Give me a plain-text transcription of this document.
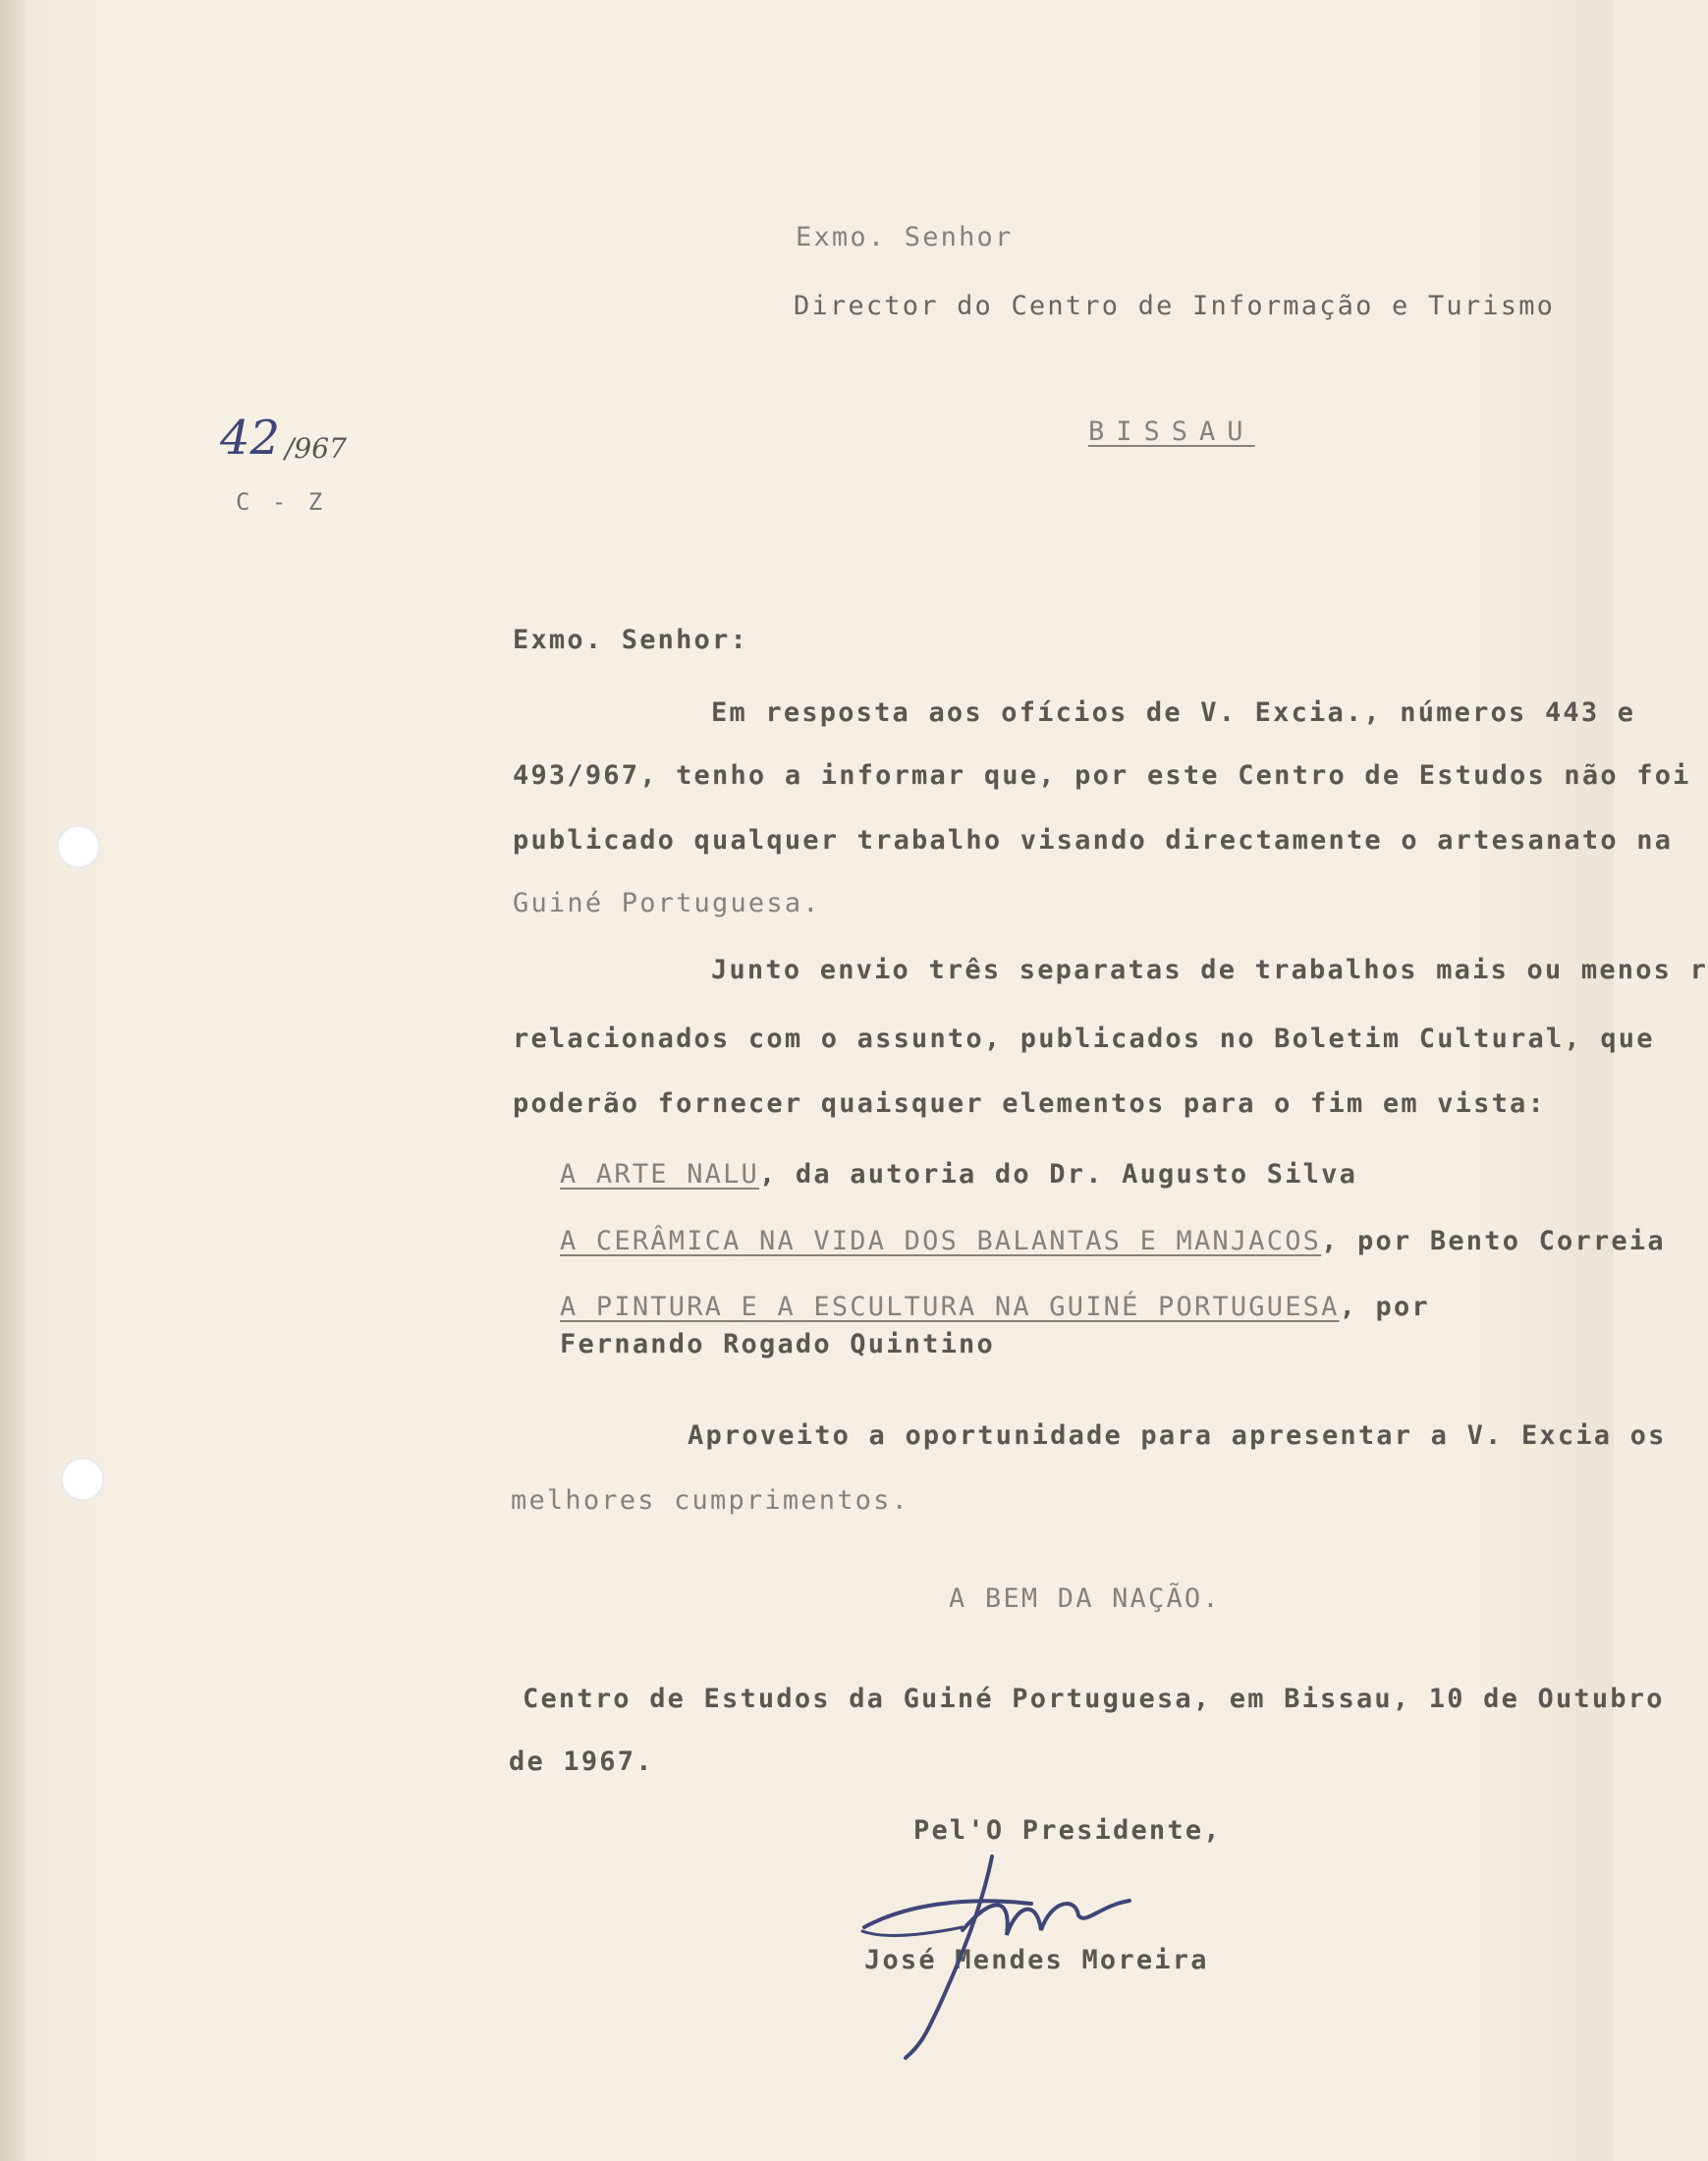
Exmo. Senhor
Director do Centro de Informação e Turismo
BISSAU
42 /967
C - Z
Exmo. Senhor:
Em resposta aos ofícios de V. Excia., números 443 e
493/967, tenho a informar que, por este Centro de Estudos não foi
publicado qualquer trabalho visando directamente o artesanato na
Guiné Portuguesa.
Junto envio três separatas de trabalhos mais ou menos r
relacionados com o assunto, publicados no Boletim Cultural, que
poderão fornecer quaisquer elementos para o fim em vista:
A ARTE NALU, da autoria do Dr. Augusto Silva
A CERÂMICA NA VIDA DOS BALANTAS E MANJACOS, por Bento Correia
A PINTURA E A ESCULTURA NA GUINÉ PORTUGUESA, por Fernando Rogado Quintino
Aproveito a oportunidade para apresentar a V. Excia os
melhores cumprimentos.
A BEM DA NAÇÃO.
Centro de Estudos da Guiné Portuguesa, em Bissau, 10 de Outubro
de 1967.
Pel'O Presidente,
José Mendes Moreira
